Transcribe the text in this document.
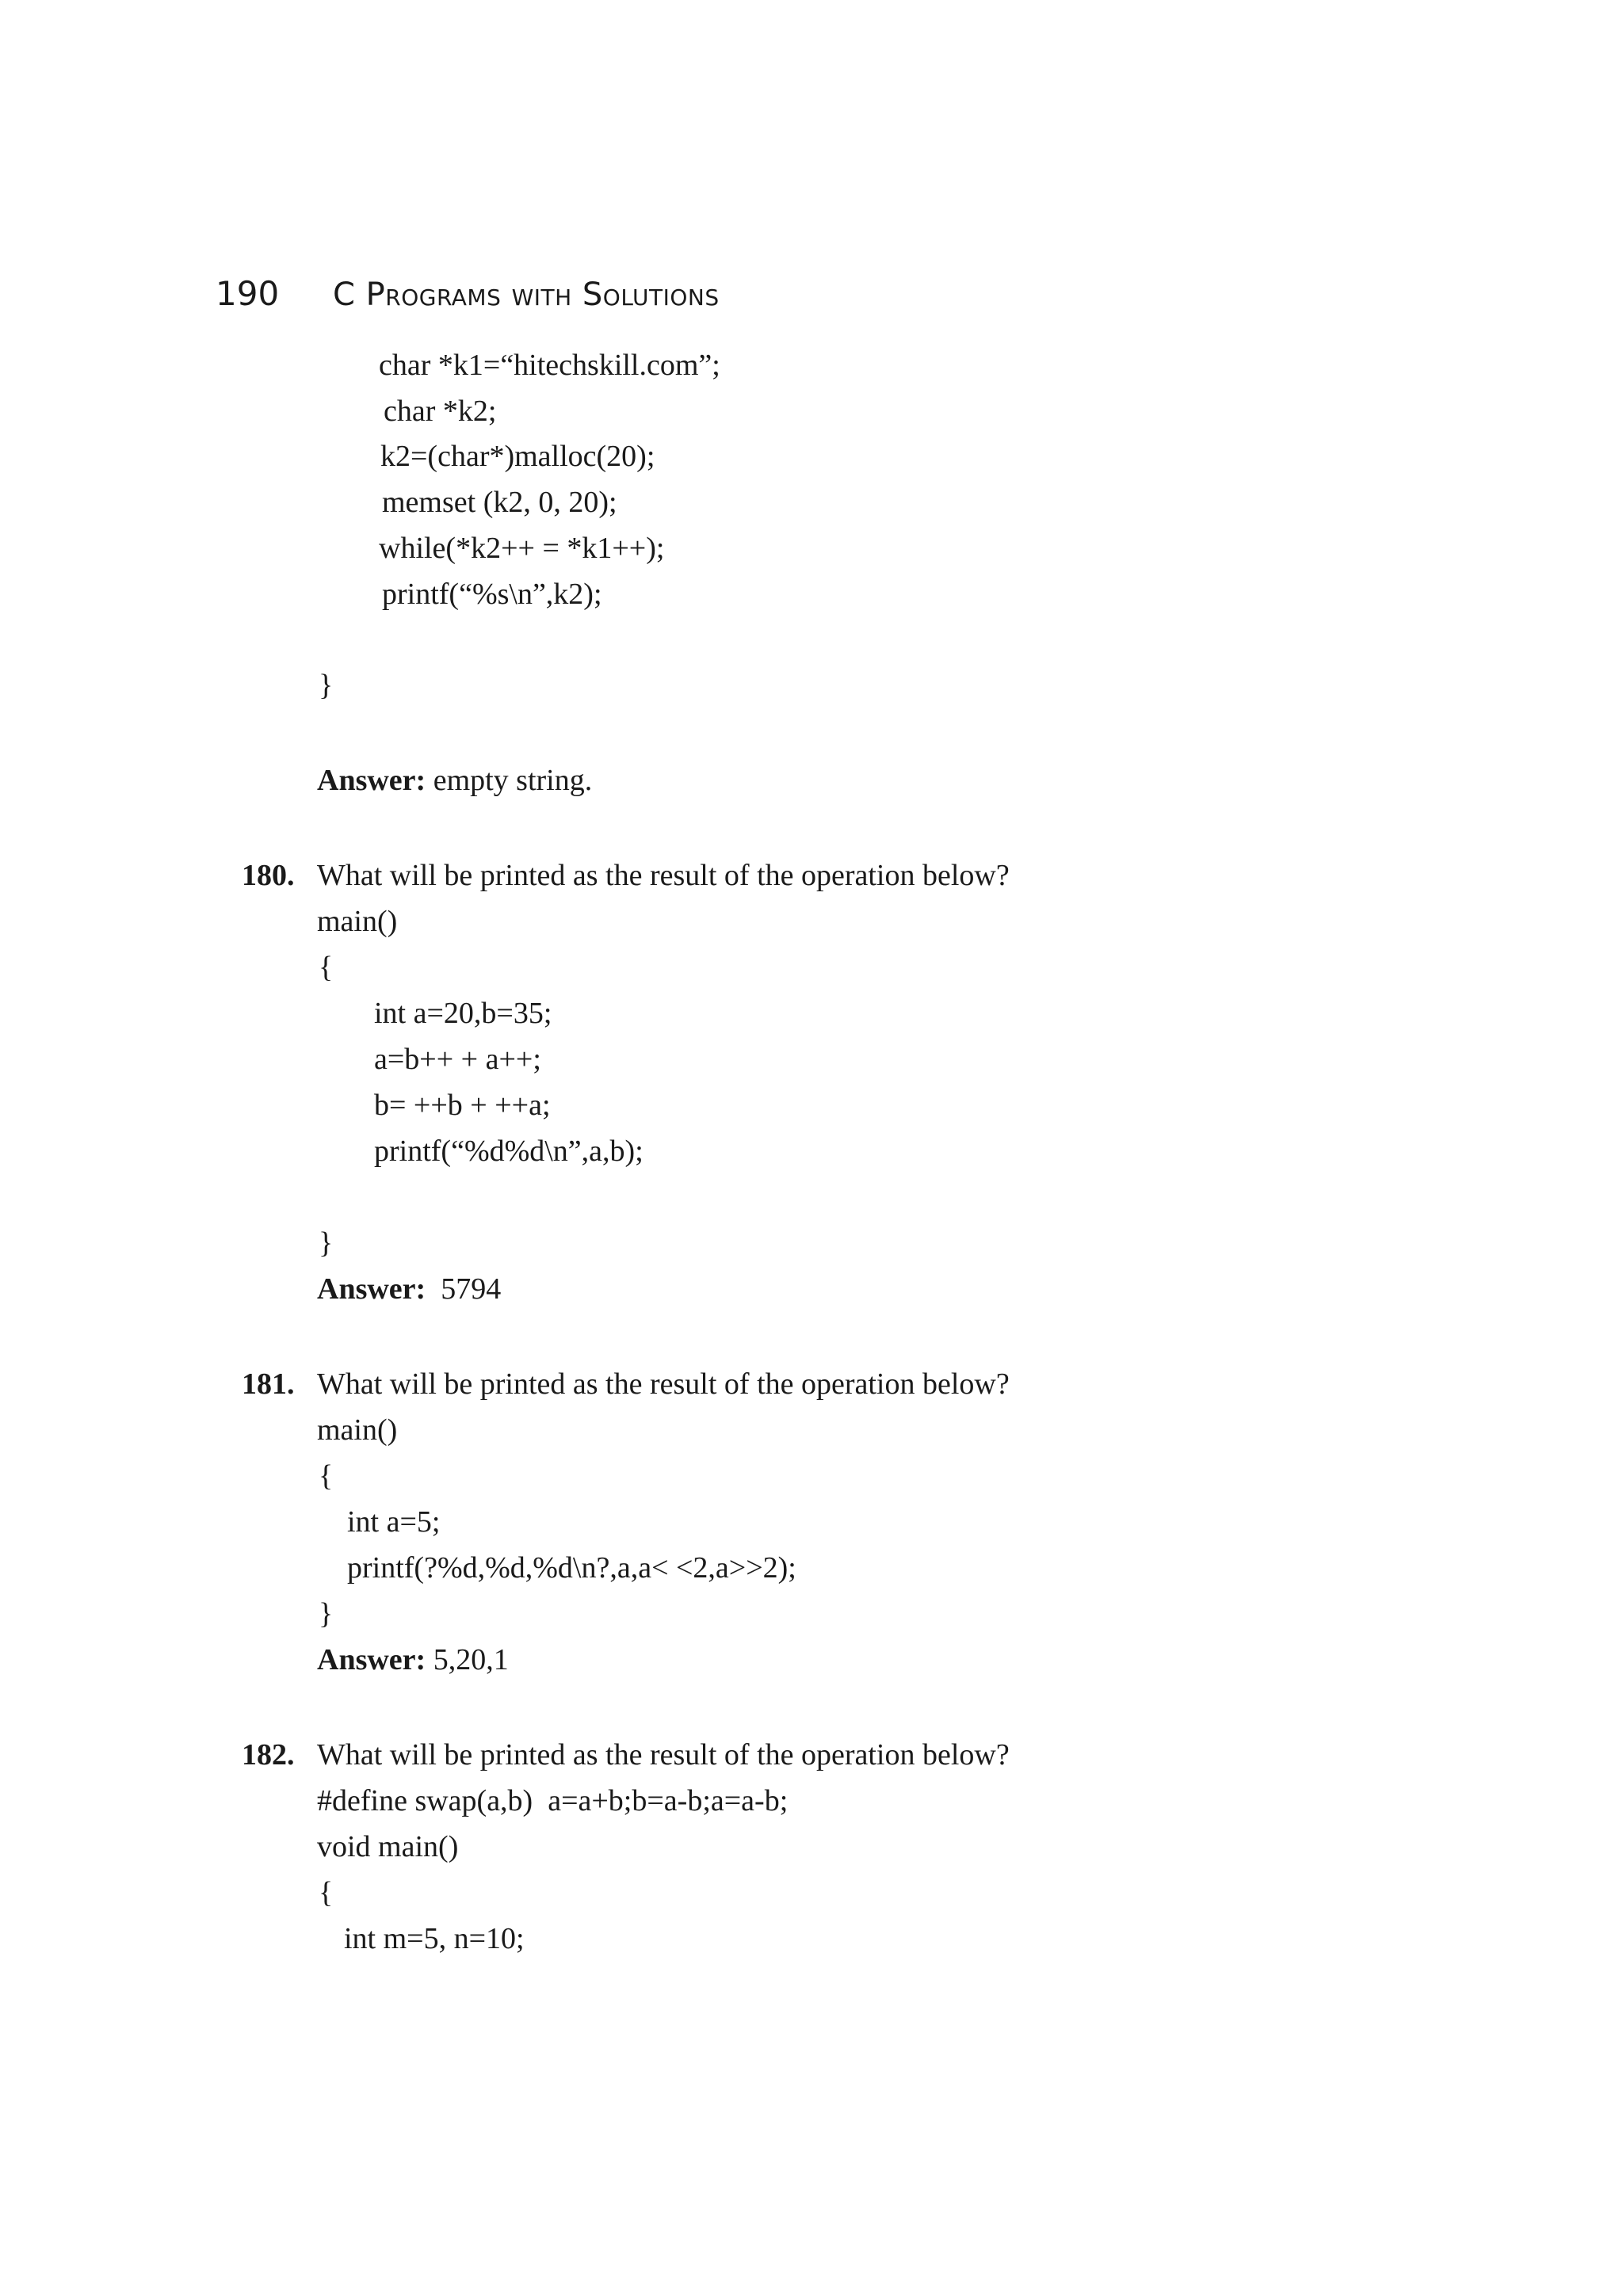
190 C Programs with Solutions
char *k1=“hitechskill.com”;
char *k2;
k2=(char*)malloc(20);
memset (k2, 0, 20);
while(*k2++ = *k1++);
printf(“%s\n”,k2);
}
Answer: empty string.
180. What will be printed as the result of the operation below?
main()
{
int a=20,b=35;
a=b++ + a++;
b= ++b + ++a;
printf(“%d%d\n”,a,b);
}
Answer: 5794
181. What will be printed as the result of the operation below?
main()
{
int a=5;
printf(?%d,%d,%d\n?,a,a< <2,a>>2);
}
Answer: 5,20,1
182. What will be printed as the result of the operation below?
#define swap(a,b)  a=a+b;b=a-b;a=a-b;
void main()
{
int m=5, n=10;
